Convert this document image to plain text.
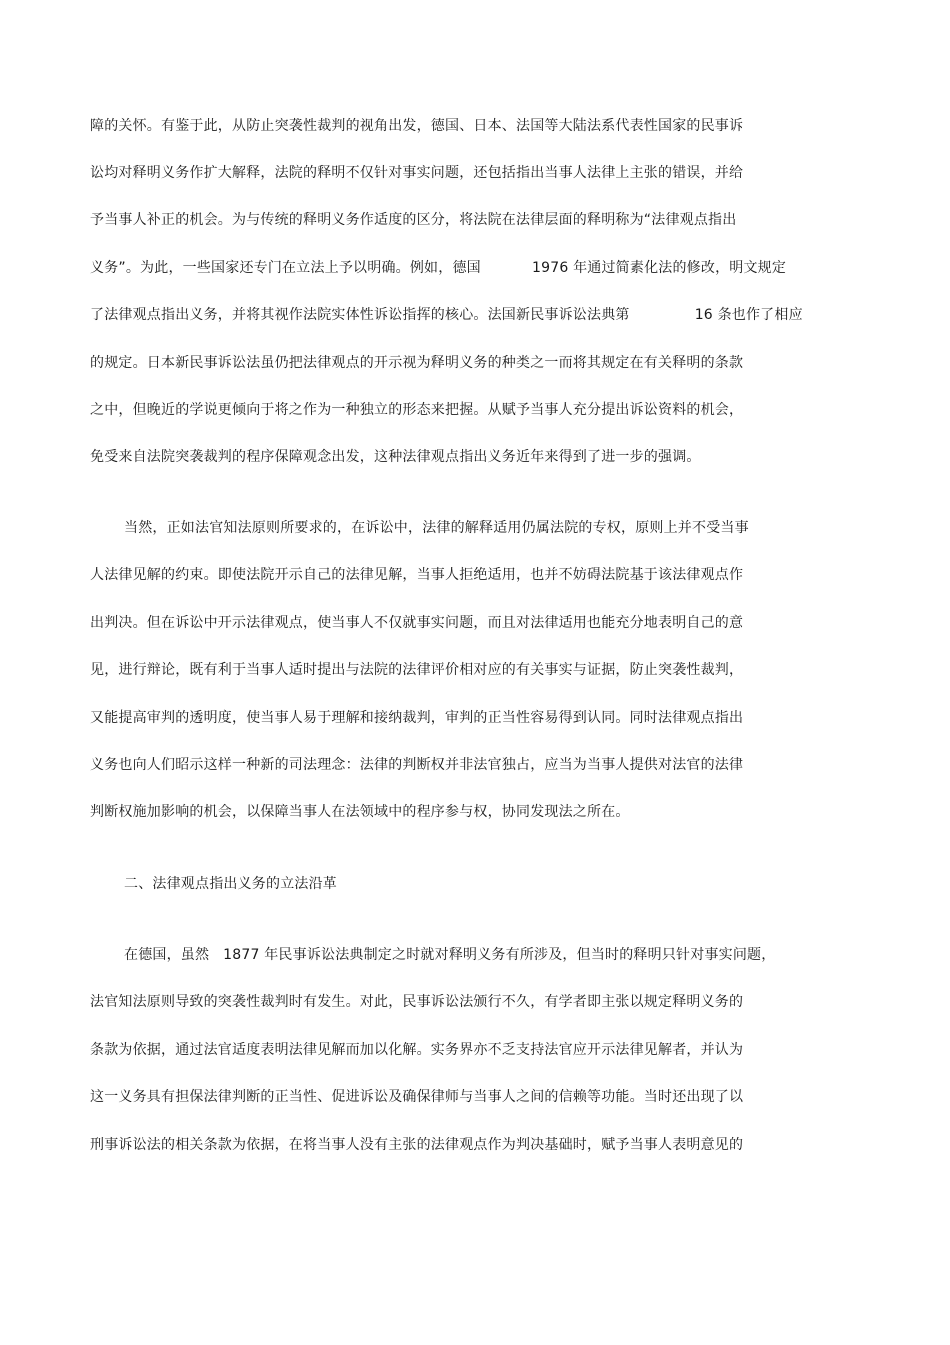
障的关怀。有鉴于此，从防止突袭性裁判的视角出发，德国、日本、法国等大陆法系代表性国家的民事诉
讼均对释明义务作扩大解释，法院的释明不仅针对事实问题，还包括指出当事人法律上主张的错误，并给
予当事人补正的机会。为与传统的释明义务作适度的区分，将法院在法律层面的释明称为“法律观点指出
义务”。为此，一些国家还专门在立法上予以明确。例如，德国           1976 年通过简素化法的修改，明文规定
了法律观点指出义务，并将其视作法院实体性诉讼指挥的核心。法国新民事诉讼法典第              16 条也作了相应
的规定。日本新民事诉讼法虽仍把法律观点的开示视为释明义务的种类之一而将其规定在有关释明的条款
之中，但晚近的学说更倾向于将之作为一种独立的形态来把握。从赋予当事人充分提出诉讼资料的机会，
免受来自法院突袭裁判的程序保障观念出发，这种法律观点指出义务近年来得到了进一步的强调。
当然，正如法官知法原则所要求的，在诉讼中，法律的解释适用仍属法院的专权，原则上并不受当事
人法律见解的约束。即使法院开示自己的法律见解，当事人拒绝适用，也并不妨碍法院基于该法律观点作
出判决。但在诉讼中开示法律观点，使当事人不仅就事实问题，而且对法律适用也能充分地表明自己的意
见，进行辩论，既有利于当事人适时提出与法院的法律评价相对应的有关事实与证据，防止突袭性裁判，
又能提高审判的透明度，使当事人易于理解和接纳裁判，审判的正当性容易得到认同。同时法律观点指出
义务也向人们昭示这样一种新的司法理念：法律的判断权并非法官独占，应当为当事人提供对法官的法律
判断权施加影响的机会，以保障当事人在法领域中的程序参与权，协同发现法之所在。
二、法律观点指出义务的立法沿革
在德国，虽然   1877 年民事诉讼法典制定之时就对释明义务有所涉及，但当时的释明只针对事实问题，
法官知法原则导致的突袭性裁判时有发生。对此，民事诉讼法颁行不久，有学者即主张以规定释明义务的
条款为依据，通过法官适度表明法律见解而加以化解。实务界亦不乏支持法官应开示法律见解者，并认为
这一义务具有担保法律判断的正当性、促进诉讼及确保律师与当事人之间的信赖等功能。当时还出现了以
刑事诉讼法的相关条款为依据，在将当事人没有主张的法律观点作为判决基础时，赋予当事人表明意见的
